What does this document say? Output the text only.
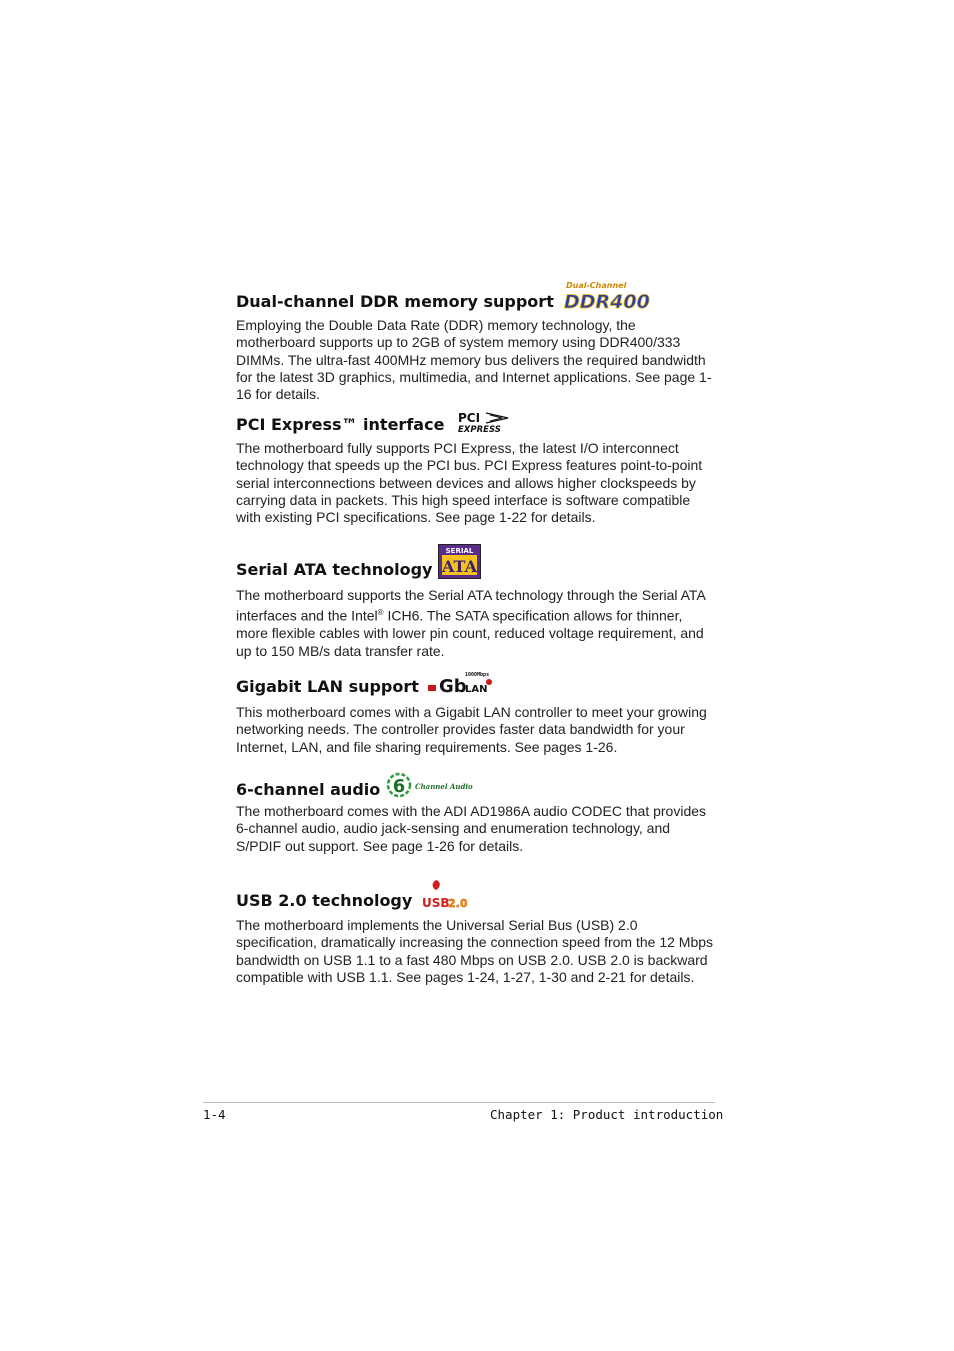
Dual-channel DDR memory support
Dual-Channel
DDR400

Employing the Double Data Rate (DDR) memory technology, the motherboard supports up to 2GB of system memory using DDR400/333 DIMMs. The ultra-fast 400MHz memory bus delivers the required bandwidth for the latest 3D graphics, multimedia, and Internet applications. See page 1-16 for details.

PCI Express™ interface PCI
EXPRESS

The motherboard fully supports PCI Express, the latest I/O interconnect technology that speeds up the PCI bus. PCI Express features point-to-point serial interconnections between devices and allows higher clockspeeds by carrying data in packets. This high speed interface is software compatible with existing PCI specifications. See page 1-22 for details.

Serial ATA technology
SERIAL
ATA

The motherboard supports the Serial ATA technology through the Serial ATA interfaces and the Intel® ICH6. The SATA specification allows for thinner, more flexible cables with lower pin count, reduced voltage requirement, and up to 150 MB/s data transfer rate.

Gigabit LAN support
1000Mbps
Gb
LAN

This motherboard comes with a Gigabit LAN controller to meet your growing networking needs. The controller provides faster data bandwidth for your Internet, LAN, and file sharing requirements. See pages 1-26.

6-channel audio 6 Channel Audio

The motherboard comes with the ADI AD1986A audio CODEC that provides 6-channel audio, audio jack-sensing and enumeration technology, and S/PDIF out support. See page 1-26 for details.

USB 2.0 technology USB
2.0

The motherboard implements the Universal Serial Bus (USB) 2.0 specification, dramatically increasing the connection speed from the 12 Mbps bandwidth on USB 1.1 to a fast 480 Mbps on USB 2.0. USB 2.0 is backward compatible with USB 1.1. See pages 1-24, 1-27, 1-30 and 2-21 for details.

1-4	Chapter 1: Product introduction
